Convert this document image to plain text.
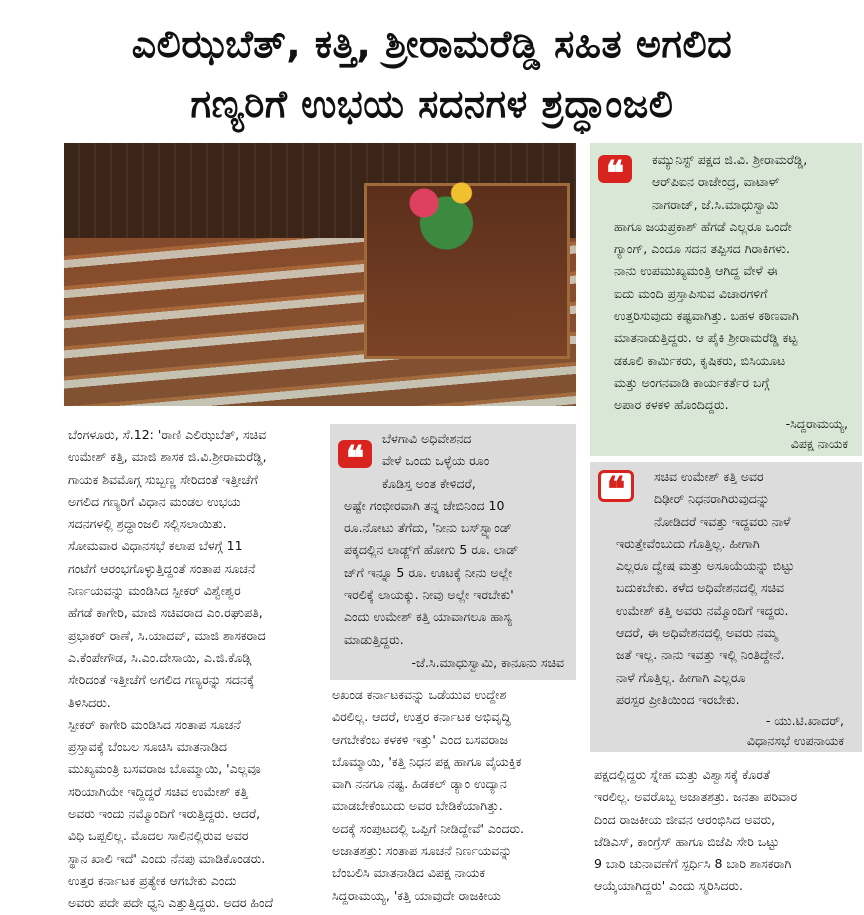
ಎಲಿಝಬೆತ್, ಕತ್ತಿ, ಶ್ರೀರಾಮರೆಡ್ಡಿ ಸಹಿತ ಅಗಲಿದ
ಗಣ್ಯರಿಗೆ ಉಭಯ ಸದನಗಳ ಶ್ರದ್ಧಾಂಜಲಿ
❝	ಕಮ್ಯುನಿಸ್ಟ್ ಪಕ್ಷದ ಜಿ.ವಿ. ಶ್ರೀರಾಮರೆಡ್ಡಿ,
ಆರ್‌ಪಿಐನ ರಾಜೇಂದ್ರ, ವಾಟಾಳ್
ನಾಗರಾಜ್, ಜೆ.ಸಿ.ಮಾಧುಸ್ವಾಮಿ
ಹಾಗೂ ಜಯಪ್ರಕಾಶ್ ಹೆಗಡೆ ಎಲ್ಲರೂ ಒಂದೇ
ಗ್ಯಾಂಗ್, ಎಂದೂ ಸದನ ತಪ್ಪಿಸದ ಗಿರಾಕಿಗಳು.
ನಾನು ಉಪಮುಖ್ಯಮಂತ್ರಿ ಆಗಿದ್ದ ವೇಳೆ ಈ
ಐದು ಮಂದಿ ಪ್ರಸ್ತಾಪಿಸುವ ವಿಚಾರಗಳಿಗೆ
ಉತ್ತರಿಸುವುದು ಕಷ್ಟವಾಗಿತ್ತು. ಬಹಳ ಕಠಿಣವಾಗಿ
ಮಾತನಾಡುತ್ತಿದ್ದರು. ಆ ಪೈಕಿ ಶ್ರೀರಾಮರೆಡ್ಡಿ ಕಟ್ಟ
ಡಕೂಲಿ ಕಾರ್ಮಿಕರು, ಕೃಷಿಕರು, ಬಿಸಿಯೂಟ
ಮತ್ತು ಅಂಗನವಾಡಿ ಕಾರ್ಯಕರ್ತೆರ ಬಗ್ಗೆ
ಅಪಾರ ಕಳಕಳಿ ಹೊಂದಿದ್ದರು.
-ಸಿದ್ದರಾಮಯ್ಯ,
ವಿಪಕ್ಷ ನಾಯಕ
❝	ಸಚಿವ ಉಮೇಶ್ ಕತ್ತಿ ಅವರ
ದಿಢೀರ್ ನಿಧನರಾಗಿರುವುದನ್ನು
ನೋಡಿದರೆ ಇವತ್ತು ಇದ್ದವರು ನಾಳೆ
ಇರುತ್ತೇವೆಂಬುದು ಗೊತ್ತಿಲ್ಲ. ಹೀಗಾಗಿ
ಎಲ್ಲರೂ ದ್ವೇಷ ಮತ್ತು ಅಸೂಯೆಯನ್ನು ಬಿಟ್ಟು
ಬದುಕಬೇಕು. ಕಳೆದ ಅಧಿವೇಶನದಲ್ಲಿ ಸಚಿವ
ಉಮೇಶ್ ಕತ್ತಿ ಅವರು ನಮ್ಮೊಂದಿಗೆ ಇದ್ದರು.
ಆದರೆ, ಈ ಅಧಿವೇಶನದಲ್ಲಿ ಅವರು ನಮ್ಮ
ಜತೆ ಇಲ್ಲ. ನಾನು ಇವತ್ತು ಇಲ್ಲಿ ನಿಂತಿದ್ದೇನೆ.
ನಾಳೆ ಗೊತ್ತಿಲ್ಲ. ಹೀಗಾಗಿ ಎಲ್ಲರೂ
ಪರಸ್ಪರ ಪ್ರೀತಿಯಿಂದ ಇರಬೇಕು.
- ಯು.ಟಿ.ಖಾದರ್,
ವಿಧಾನಸಭೆ ಉಪನಾಯಕ
❝
ಬೆಳಗಾವಿ ಅಧಿವೇಶನದ
ವೇಳೆ ಒಂದು ಒಳ್ಳೆಯ ರೂಂ
ಕೊಡಿಸ್ತ ಅಂತ ಕೇಳಿದರೆ,
ಅಷ್ಟೇ ಗಂಭೀರವಾಗಿ ತನ್ನ ಜೇಬಿನಿಂದ 10
ರೂ.ನೋಟು ತೆಗೆದು, 'ನೀನು ಬಸ್‌ಸ್ಟ್ಯಾಂಡ್
ಪಕ್ಕದಲ್ಲಿನ ಲಾಡ್ಜ್‌ಗೆ ಹೋಗು 5 ರೂ. ಲಾಡ್
ಜ್‌ಗೆ ಇನ್ನೂ 5 ರೂ. ಊಟಕ್ಕೆ ನೀನು ಅಲ್ಲೇ
ಇರಲಿಕ್ಕೆ ಲಾಯಕ್ಕು. ನೀವು ಅಲ್ಲೇ ಇರಬೇಕು'
ಎಂದು ಉಮೇಶ್ ಕತ್ತಿ ಯಾವಾಗಲೂ ಹಾಸ್ಯ
ಮಾಡುತ್ತಿದ್ದರು.
-ಜೆ.ಸಿ.ಮಾಧುಸ್ವಾಮಿ, ಕಾನೂನು ಸಚಿವ
ಬೆಂಗಳೂರು, ಸೆ.12: 'ರಾಣಿ ಎಲಿಝಬೆತ್, ಸಚಿವ
ಉಮೇಶ್ ಕತ್ತಿ, ಮಾಜಿ ಶಾಸಕ ಜಿ.ವಿ.ಶ್ರೀರಾಮರೆಡ್ಡಿ,
ಗಾಯಕ ಶಿವಮೊಗ್ಗ ಸುಬ್ಬಣ್ಣ ಸೇರಿದಂತೆ ಇತ್ತೀಚೆಗೆ
ಅಗಲಿದ ಗಣ್ಯರಿಗೆ ವಿಧಾನ ಮಂಡಲ ಉಭಯ
ಸದನಗಳಲ್ಲಿ ಶ್ರದ್ಧಾಂಜಲಿ ಸಲ್ಲಿಸಲಾಯಿತು.
ಸೋಮವಾರ ವಿಧಾನಸಭೆ ಕಲಾಪ ಬೆಳಗ್ಗೆ 11
ಗಂಟೆಗೆ ಆರಂಭಗೊಳ್ಳುತ್ತಿದ್ದಂತೆ ಸಂತಾಪ ಸೂಚನೆ
ನಿರ್ಣಯವನ್ನು ಮಂಡಿಸಿದ ಸ್ಪೀಕರ್ ವಿಶ್ವೇಶ್ವರ
ಹೆಗಡೆ ಕಾಗೇರಿ, ಮಾಜಿ ಸಚಿವರಾದ ಎಂ.ರಘುಪತಿ,
ಪ್ರಭಾಕರ್ ರಾಣೆ, ಸಿ.ಯಾದವ್, ಮಾಜಿ ಶಾಸಕರಾದ
ಎ.ಕೆಂಪೇಗೌಡ, ಸಿ.ಎಂ.ದೇಸಾಯಿ, ಎ.ಜಿ.ಕೊಡ್ಗಿ
ಸೇರಿದಂತೆ ಇತ್ತೀಚೆಗೆ ಅಗಲಿದ ಗಣ್ಯರನ್ನು ಸದನಕ್ಕೆ
ತಿಳಿಸಿದರು.
ಸ್ಪೀಕರ್ ಕಾಗೇರಿ ಮಂಡಿಸಿದ ಸಂತಾಪ ಸೂಚನೆ
ಪ್ರಸ್ತಾವಕ್ಕೆ ಬೆಂಬಲ ಸೂಚಿಸಿ ಮಾತನಾಡಿದ
ಮುಖ್ಯಮಂತ್ರಿ ಬಸವರಾಜ ಬೊಮ್ಮಾಯಿ, 'ಎಲ್ಲವೂ
ಸರಿಯಾಗಿಯೇ ಇದ್ದಿದ್ದರೆ ಸಚಿವ ಉಮೇಶ್ ಕತ್ತಿ
ಅವರು ಇಂದು ನಮ್ಮೊಂದಿಗೆ ಇರುತ್ತಿದ್ದರು. ಆದರೆ,
ವಿಧಿ ಒಪ್ಪಲಿಲ್ಲ. ಮೊದಲ ಸಾಲಿನಲ್ಲಿರುವ ಅವರ
ಸ್ಥಾನ ಖಾಲಿ ಇದೆ' ಎಂದು ನೆನಪು ಮಾಡಿಕೊಂಡರು.
ಉತ್ತರ ಕರ್ನಾಟಕ ಪ್ರತ್ಯೇಕ ಆಗಬೇಕು ಎಂದು
ಅವರು ಪದೇ ಪದೇ ಧ್ವನಿ ಎತ್ತುತ್ತಿದ್ದರು. ಅದರ ಹಿಂದೆ
ಅಖಂಡ ಕರ್ನಾಟಕವನ್ನು ಒಡೆಯುವ ಉದ್ದೇಶ
ವಿರಲಿಲ್ಲ. ಆದರೆ, ಉತ್ತರ ಕರ್ನಾಟಕ ಅಭಿವೃದ್ಧಿ
ಆಗಬೇಕೆಂಬ ಕಳಕಳಿ ಇತ್ತು' ಎಂದ ಬಸವರಾಜ
ಬೊಮ್ಮಾಯಿ, 'ಕತ್ತಿ ನಿಧನ ಪಕ್ಷ ಹಾಗೂ ವೈಯಕ್ತಿಕ
ವಾಗಿ ನನಗೂ ನಷ್ಟ. ಹಿಡಕಲ್ ಡ್ಯಾಂ ಉದ್ಯಾನ
ಮಾಡಬೇಕೆಂಬುದು ಅವರ ಬೇಡಿಕೆಯಾಗಿತ್ತು.
ಅದಕ್ಕೆ ಸಂಪುಟದಲ್ಲಿ ಒಪ್ಪಿಗೆ ನೀಡಿದ್ದೇವೆ' ಎಂದರು.
ಅಜಾತಶತ್ರು: ಸಂತಾಪ ಸೂಚನೆ ನಿರ್ಣಯವನ್ನು
ಬೆಂಬಲಿಸಿ ಮಾತನಾಡಿದ ವಿಪಕ್ಷ ನಾಯಕ
ಸಿದ್ದರಾಮಯ್ಯ, 'ಕತ್ತಿ ಯಾವುದೇ ರಾಜಕೀಯ
ಪಕ್ಷದಲ್ಲಿದ್ದರು ಸ್ನೇಹ ಮತ್ತು ವಿಶ್ವಾಸಕ್ಕೆ ಕೊರತೆ
ಇರಲಿಲ್ಲ. ಅವರೊಬ್ಬ ಅಜಾತಶತ್ರು. ಜನತಾ ಪರಿವಾರ
ದಿಂದ ರಾಜಕೀಯ ಜೀವನ ಆರಂಭಿಸಿದ ಅವರು,
ಜೆಡಿಎಸ್, ಕಾಂಗ್ರೆಸ್ ಹಾಗೂ ಬಿಜೆಪಿ ಸೇರಿ ಒಟ್ಟು
9 ಬಾರಿ ಚುನಾವಣೆಗೆ ಸ್ಪರ್ಧಿಸಿ 8 ಬಾರಿ ಶಾಸಕರಾಗಿ
ಆಯ್ಕೆಯಾಗಿದ್ದರು' ಎಂದು ಸ್ಮರಿಸಿದರು.
